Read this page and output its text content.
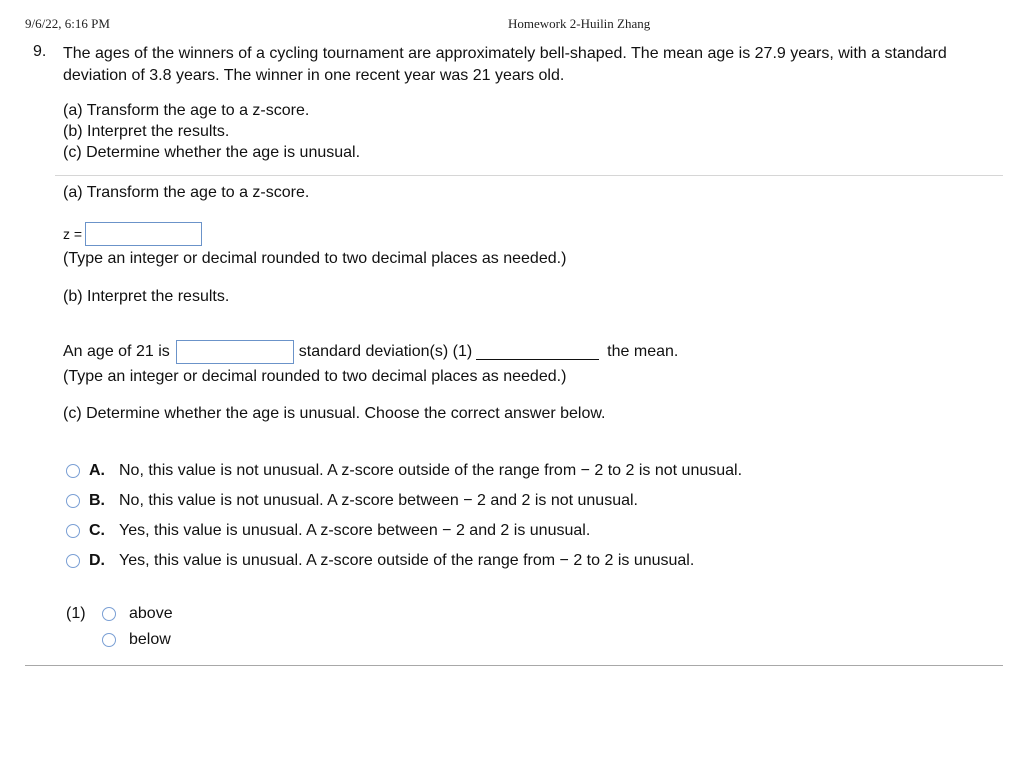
9/6/22, 6:16 PM	Homework 2-Huilin Zhang
9. The ages of the winners of a cycling tournament are approximately bell-shaped. The mean age is 27.9 years, with a standard deviation of 3.8 years. The winner in one recent year was 21 years old.
(a) Transform the age to a z-score.
(b) Interpret the results.
(c) Determine whether the age is unusual.
(a) Transform the age to a z-score.
z =
(Type an integer or decimal rounded to two decimal places as needed.)
(b) Interpret the results.
An age of 21 is	standard deviation(s) (1)	the mean.
(Type an integer or decimal rounded to two decimal places as needed.)
(c) Determine whether the age is unusual. Choose the correct answer below.
A. No, this value is not unusual. A z-score outside of the range from − 2 to 2 is not unusual.
B. No, this value is not unusual. A z-score between − 2 and 2 is not unusual.
C. Yes, this value is unusual. A z-score between − 2 and 2 is unusual.
D. Yes, this value is unusual. A z-score outside of the range from − 2 to 2 is unusual.
(1)	above
below
